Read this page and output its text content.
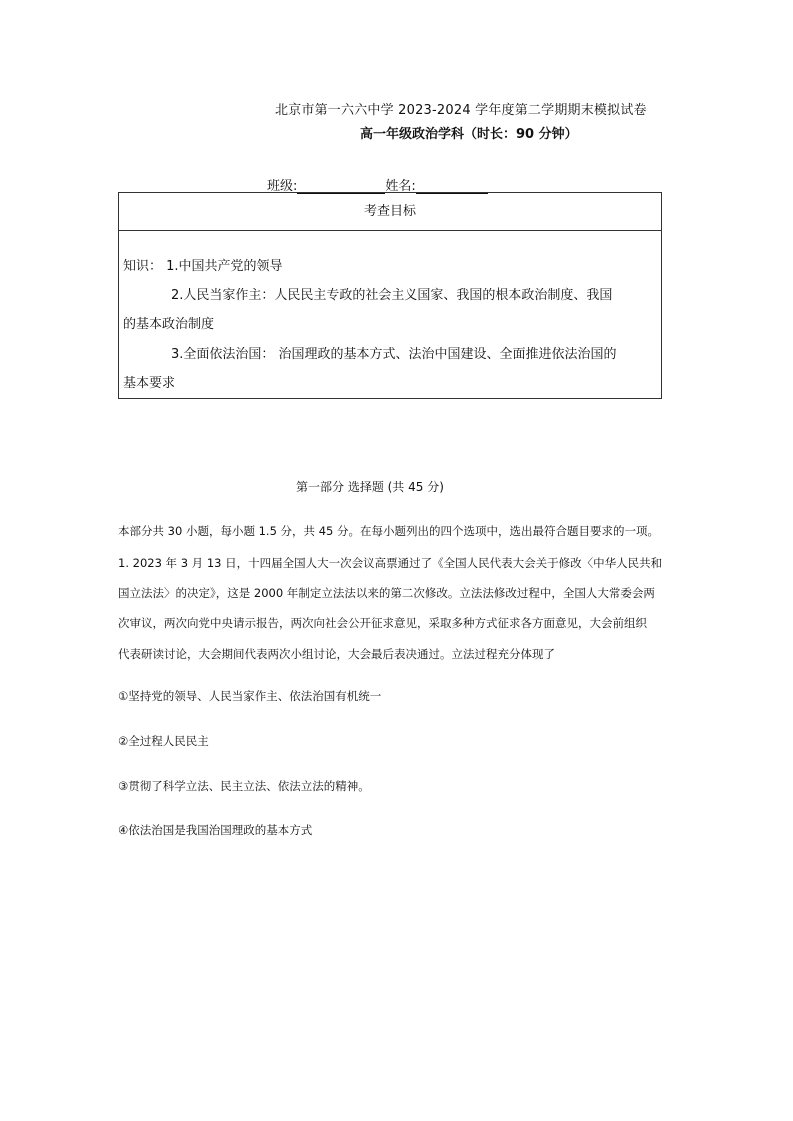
北京市第一六六中学 2023-2024 学年度第二学期期末模拟试卷
高一年级政治学科（时长：90 分钟）
班级:	姓名:
考查目标
知识： 1.中国共产党的领导
2.人民当家作主：人民民主专政的社会主义国家、我国的根本政治制度、我国
的基本政治制度
3.全面依法治国： 治国理政的基本方式、法治中国建设、全面推进依法治国的
基本要求
第一部分 选择题 (共 45 分)
本部分共 30 小题，每小题 1.5 分，共 45 分。在每小题列出的四个选项中，选出最符合题目要求的一项。
1. 2023 年 3 月 13 日，十四届全国人大一次会议高票通过了《全国人民代表大会关于修改〈中华人民共和
国立法法〉的决定》，这是 2000 年制定立法法以来的第二次修改。立法法修改过程中，全国人大常委会两
次审议，两次向党中央请示报告，两次向社会公开征求意见，采取多种方式征求各方面意见，大会前组织
代表研读讨论，大会期间代表两次小组讨论，大会最后表决通过。立法过程充分体现了
①坚持党的领导、人民当家作主、依法治国有机统一
②全过程人民民主
③贯彻了科学立法、民主立法、依法立法的精神。
④依法治国是我国治国理政的基本方式
